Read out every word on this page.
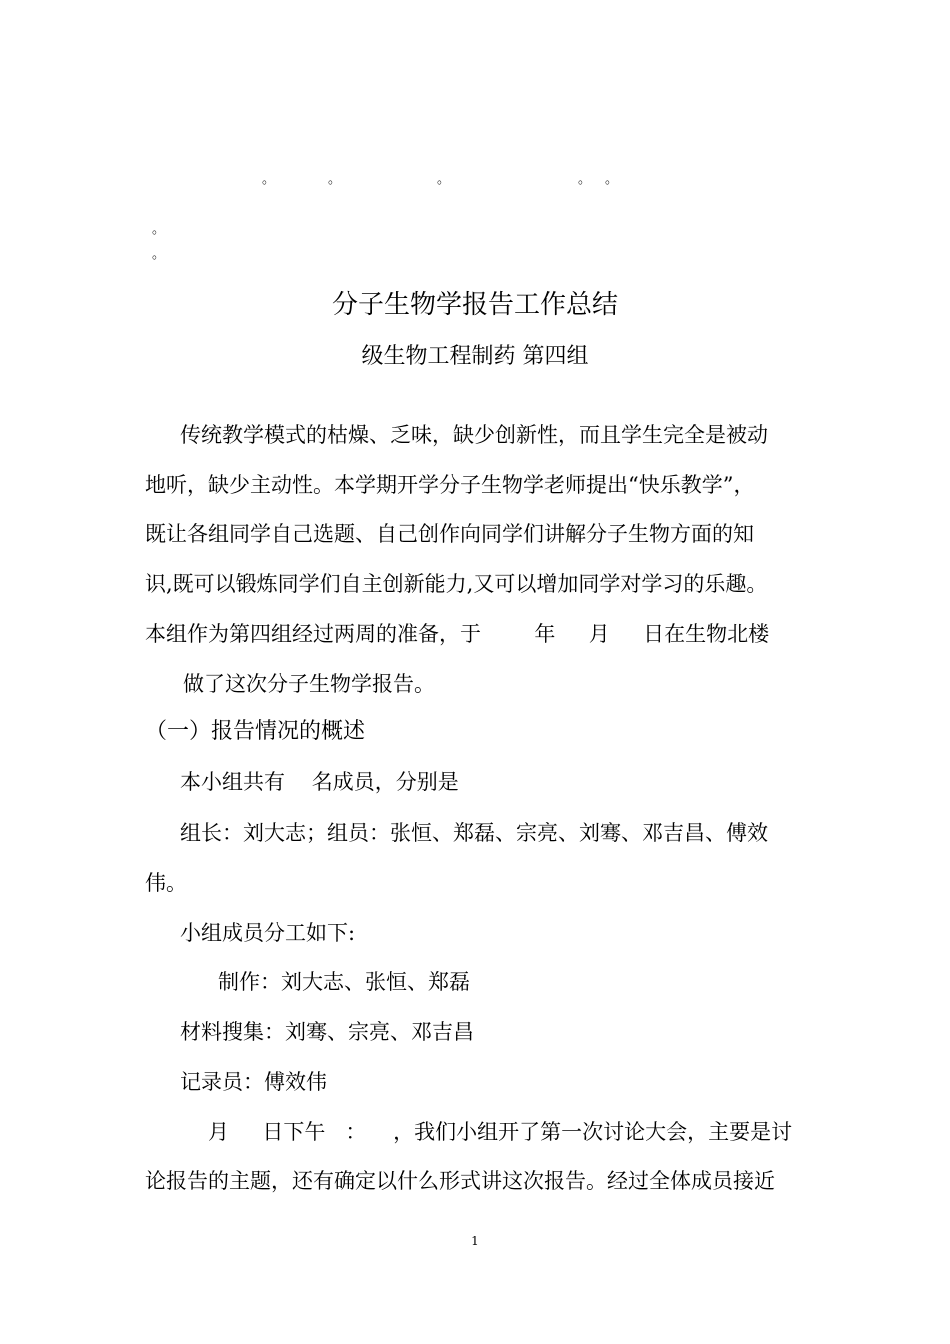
。	。	。	。 。
。
。
分子生物学报告工作总结
级生物工程制药 第四组
传统教学模式的枯燥、乏味，缺少创新性，而且学生完全是被动
地听，缺少主动性。本学期开学分子生物学老师提出“快乐教学”，
既让各组同学自己选题、自己创作向同学们讲解分子生物方面的知
识,既可以锻炼同学们自主创新能力,又可以增加同学对学习的乐趣。
本组作为第四组经过两周的准备，于        年     月     日在生物北楼
做了这次分子生物学报告。
（一）报告情况的概述
本小组共有    名成员，分别是
组长：刘大志；组员：张恒、郑磊、宗亮、刘骞、邓吉昌、傅效
伟。
小组成员分工如下:
制作：刘大志、张恒、郑磊
材料搜集：刘骞、宗亮、邓吉昌
记录员：傅效伟
月     日下午   ：    ，我们小组开了第一次讨论大会，主要是讨
论报告的主题，还有确定以什么形式讲这次报告。经过全体成员接近
1
